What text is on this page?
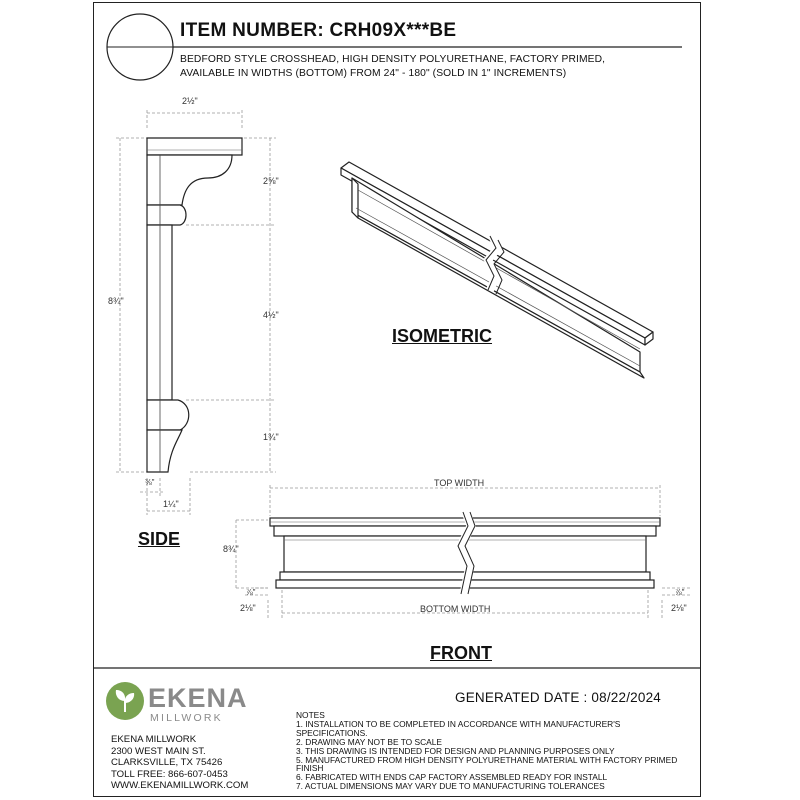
ITEM NUMBER: CRH09X***BE
BEDFORD STYLE CROSSHEAD, HIGH DENSITY POLYURETHANE, FACTORY PRIMED,
AVAILABLE IN WIDTHS (BOTTOM) FROM 24" - 180" (SOLD IN 1" INCREMENTS)
2½"
2⅝"
8¾"
4½"
1¾"
⅜"
1¼"
SIDE
ISOMETRIC
TOP WIDTH
8¾"
⅞"
2⅛"	BOTTOM WIDTH
⅞"
2⅛"
FRONT
EKENA
MILLWORK
EKENA MILLWORK
2300 WEST MAIN ST.
CLARKSVILLE, TX 75426
TOLL FREE: 866-607-0453
WWW.EKENAMILLWORK.COM
GENERATED DATE : 08/22/2024
NOTES
1. INSTALLATION TO BE COMPLETED IN ACCORDANCE WITH MANUFACTURER'S
SPECIFICATIONS.
2. DRAWING MAY NOT BE TO SCALE
3. THIS DRAWING IS INTENDED FOR DESIGN AND PLANNING PURPOSES ONLY
5. MANUFACTURED FROM HIGH DENSITY POLYURETHANE MATERIAL WITH FACTORY PRIMED
FINISH
6. FABRICATED WITH ENDS CAP FACTORY ASSEMBLED READY FOR INSTALL
7. ACTUAL DIMENSIONS MAY VARY DUE TO MANUFACTURING TOLERANCES
